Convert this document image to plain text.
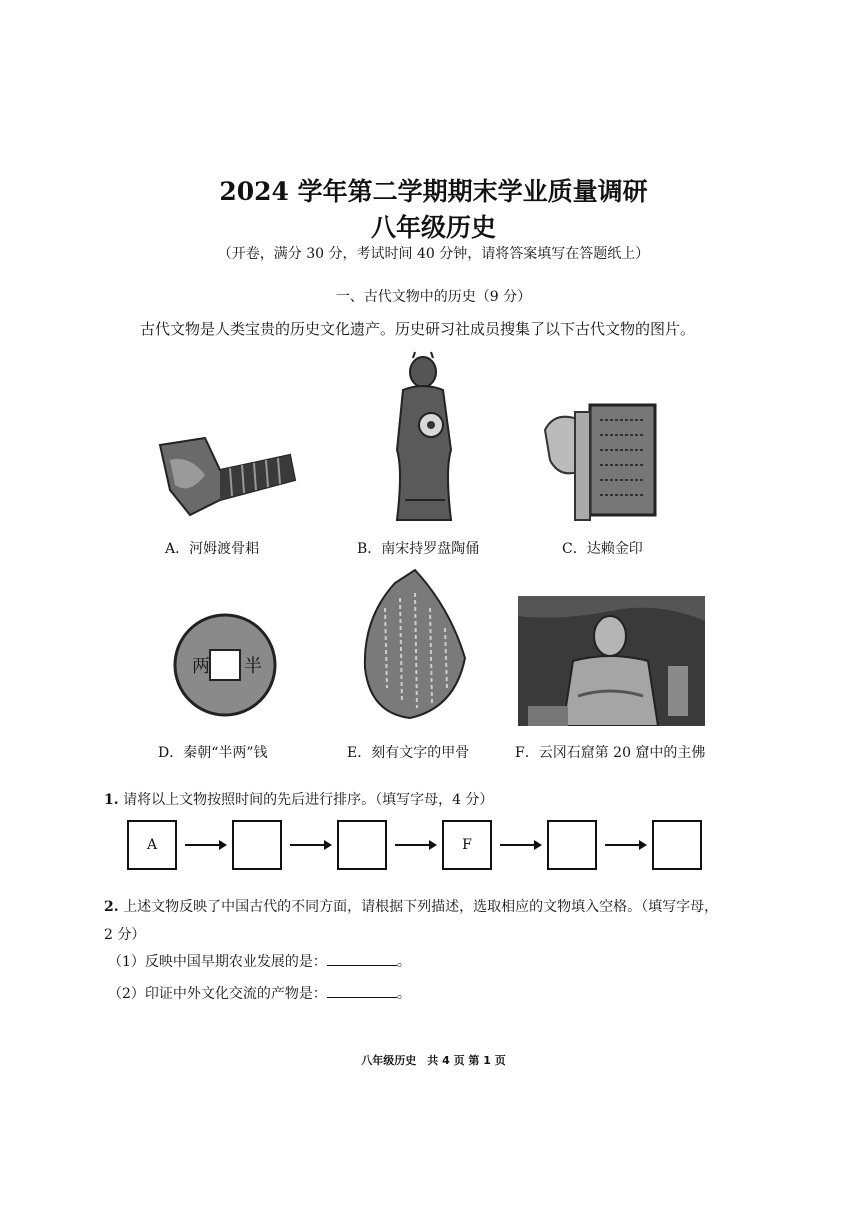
2024 学年第二学期期末学业质量调研
八年级历史
（开卷，满分 30 分，考试时间 40 分钟，请将答案填写在答题纸上）
一、古代文物中的历史（9 分）
古代文物是人类宝贵的历史文化遗产。历史研习社成员搜集了以下古代文物的图片。
A．河姆渡骨耜	B．南宋持罗盘陶俑	C．达赖金印
两 半
D．秦朝“半两”钱	E．刻有文字的甲骨	F．云冈石窟第 20 窟中的主佛
1. 请将以上文物按照时间的先后进行排序。（填写字母，4 分）
A	F
2. 上述文物反映了中国古代的不同方面，请根据下列描述，选取相应的文物填入空格。（填写字母，2 分）
（1）反映中国早期农业发展的是：	。
（2）印证中外文化交流的产物是：	。
八年级历史　共 4 页 第 1 页
